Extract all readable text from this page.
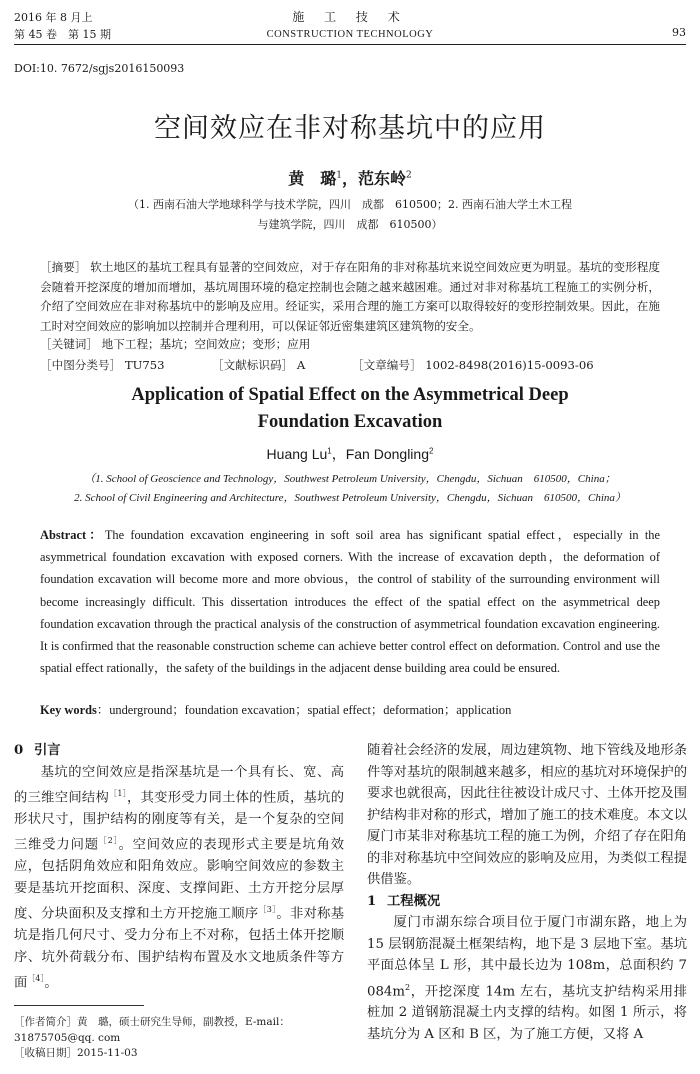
2016 年 8 月上
第 45 卷　第 15 期
施 工 技 术
CONSTRUCTION TECHNOLOGY	93
DOI:10. 7672/sgjs2016150093
空间效应在非对称基坑中的应用
黄　璐$^1$，范东岭$^2$
（1. 西南石油大学地球科学与技术学院，四川　成都　610500；2. 西南石油大学土木工程
与建筑学院，四川　成都　610500）
［摘要］ 软土地区的基坑工程具有显著的空间效应，对于存在阳角的非对称基坑来说空间效应更为明显。基坑的变形程度会随着开挖深度的增加而增加，基坑周围环境的稳定控制也会随之越来越困难。通过对非对称基坑工程施工的实例分析，介绍了空间效应在非对称基坑中的影响及应用。经证实，采用合理的施工方案可以取得较好的变形控制效果。因此，在施工时对空间效应的影响加以控制并合理利用，可以保证邻近密集建筑区建筑物的安全。
［关键词］ 地下工程；基坑；空间效应；变形；应用
［中图分类号］ TU753	［文献标识码］ A	［文章编号］ 1002-8498(2016)15-0093-06
Application of Spatial Effect on the Asymmetrical Deep Foundation Excavation
Huang Lu$^1$，Fan Dongling$^2$
（1. School of Geoscience and Technology，Southwest Petroleum University，Chengdu，Sichuan　610500，China；
2. School of Civil Engineering and Architecture，Southwest Petroleum University，Chengdu，Sichuan　610500，China）
Abstract：The foundation excavation engineering in soft soil area has significant spatial effect，especially in the asymmetrical foundation excavation with exposed corners. With the increase of excavation depth，the deformation of foundation excavation will become more and more obvious，the control of stability of the surrounding environment will become increasingly difficult. This dissertation introduces the effect of the spatial effect on the asymmetrical deep foundation excavation through the practical analysis of the construction of asymmetrical foundation excavation engineering. It is confirmed that the reasonable construction scheme can achieve better control effect on deformation. Control and use the spatial effect rationally，the safety of the buildings in the adjacent dense building area could be ensured.
Key words：underground；foundation excavation；spatial effect；deformation；application
0 引言

基坑的空间效应是指深基坑是一个具有长、宽、高的三维空间结构$^{[1]}$，其变形受力同土体的性质，基坑的形状尺寸，围护结构的刚度等有关，是一个复杂的空间三维受力问题$^{[2]}$。空间效应的表现形式主要是坑角效应，包括阴角效应和阳角效应。影响空间效应的参数主要是基坑开挖面积、深度、支撑间距、土方开挖分层厚度、分块面积及支撑和土方开挖施工顺序$^{[3]}$。非对称基坑是指几何尺寸、受力分布上不对称，包括土体开挖顺序、坑外荷载分布、围护结构布置及水文地质条件等方面$^{[4]}$。

随着社会经济的发展，周边建筑物、地下管线及地形条件等对基坑的限制越来越多，相应的基坑对环境保护的要求也就很高，因此往往被设计成尺寸、土体开挖及围护结构非对称的形式，增加了施工的技术难度。本文以厦门市某非对称基坑工程的施工为例，介绍了存在阳角的非对称基坑中空间效应的影响及应用，为类似工程提供借鉴。

1 工程概况

厦门市湖东综合项目位于厦门市湖东路，地上为 15 层钢筋混凝土框架结构，地下是 3 层地下室。基坑平面总体呈 L 形，其中最长边为 108m，总面积约 7 $084m^2$，开挖深度 14m 左右，基坑支护结构采用排桩加 2 道钢筋混凝土内支撑的结构。如图 1 所示，将基坑分为 A 区和 B 区，为了施工方便，又将 A

［作者简介］黄　璐，硕士研究生导师，副教授，E-mail：31875705@qq. com
［收稿日期］2015-11-03
